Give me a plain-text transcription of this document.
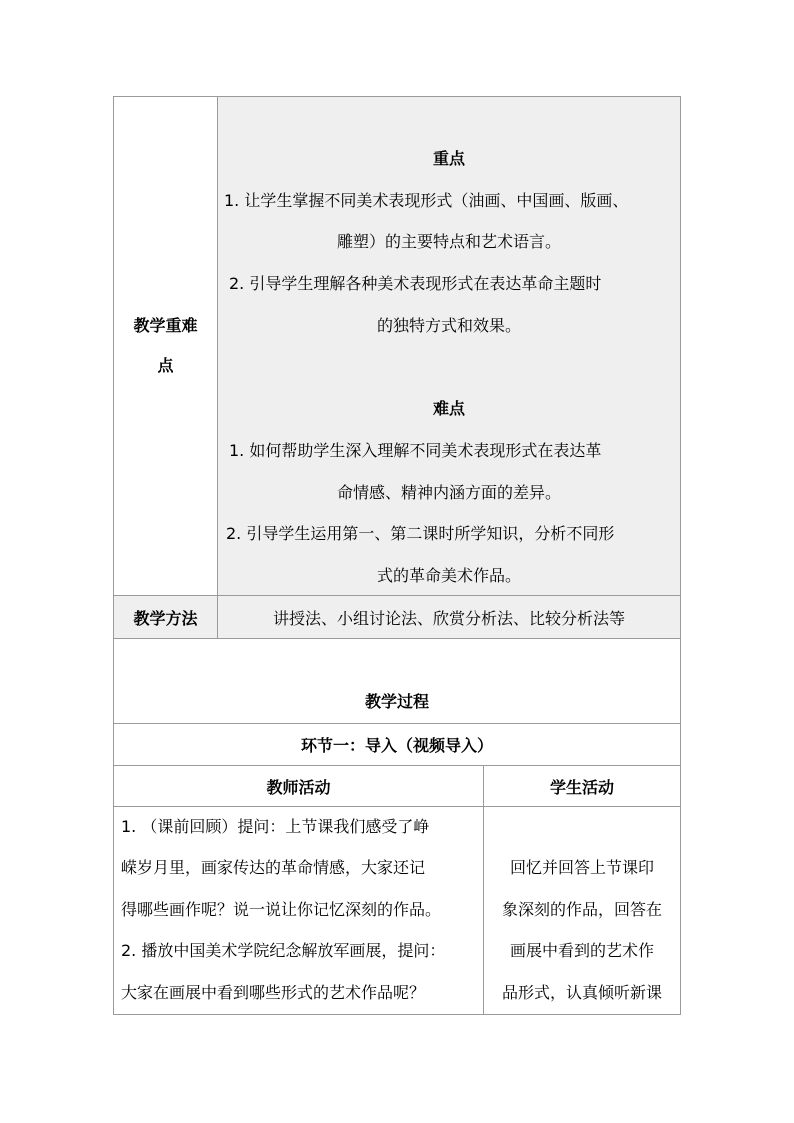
教学重难
点
重点
1. 让学生掌握不同美术表现形式（油画、中国画、版画、
雕塑）的主要特点和艺术语言。
2. 引导学生理解各种美术表现形式在表达革命主题时
的独特方式和效果。
难点
1. 如何帮助学生深入理解不同美术表现形式在表达革
命情感、精神内涵方面的差异。
2. 引导学生运用第一、第二课时所学知识，分析不同形
式的革命美术作品。
教学方法	讲授法、小组讨论法、欣赏分析法、比较分析法等
教学过程
环节一：导入（视频导入）
教师活动	学生活动
1. （课前回顾）提问：上节课我们感受了峥
嵘岁月里，画家传达的革命情感，大家还记
得哪些画作呢？说一说让你记忆深刻的作品。
2. 播放中国美术学院纪念解放军画展，提问：
大家在画展中看到哪些形式的艺术作品呢？
回忆并回答上节课印
象深刻的作品，回答在
画展中看到的艺术作
品形式，认真倾听新课
